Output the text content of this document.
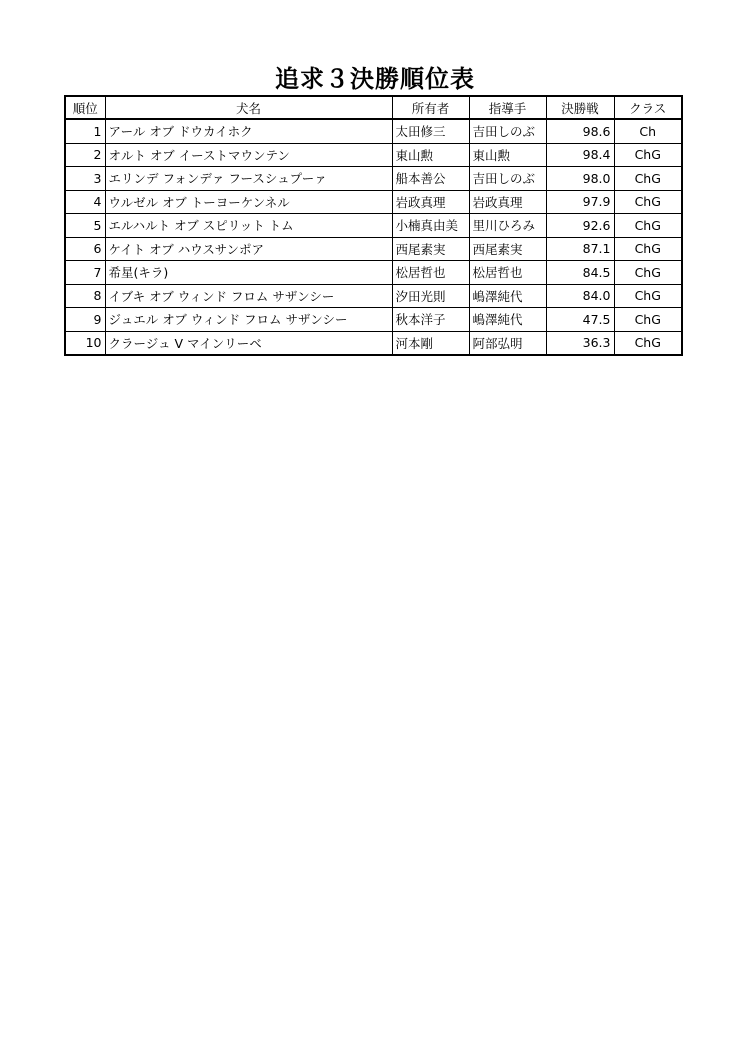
追求３決勝順位表
順位	犬名	所有者	指導手	決勝戦	クラス
1	アール オブ ドウカイホク	太田修三	吉田しのぶ	98.6	Ch
2	オルト オブ イーストマウンテン	東山勲	東山勲	98.4	ChG
3	エリンデ フォンデァ フースシュプーァ	船本善公	吉田しのぶ	98.0	ChG
4	ウルゼル オブ トーヨーケンネル	岩政真理	岩政真理	97.9	ChG
5	エルハルト オブ スピリット トム	小楠真由美	里川ひろみ	92.6	ChG
6	ケイト オブ ハウスサンポア	西尾素実	西尾素実	87.1	ChG
7	希星(キラ)	松居哲也	松居哲也	84.5	ChG
8	イブキ オブ ウィンド フロム サザンシー	汐田光則	嶋澤純代	84.0	ChG
9	ジュエル オブ ウィンド フロム サザンシー	秋本洋子	嶋澤純代	47.5	ChG
10	クラージュ V マインリーベ	河本剛	阿部弘明	36.3	ChG
